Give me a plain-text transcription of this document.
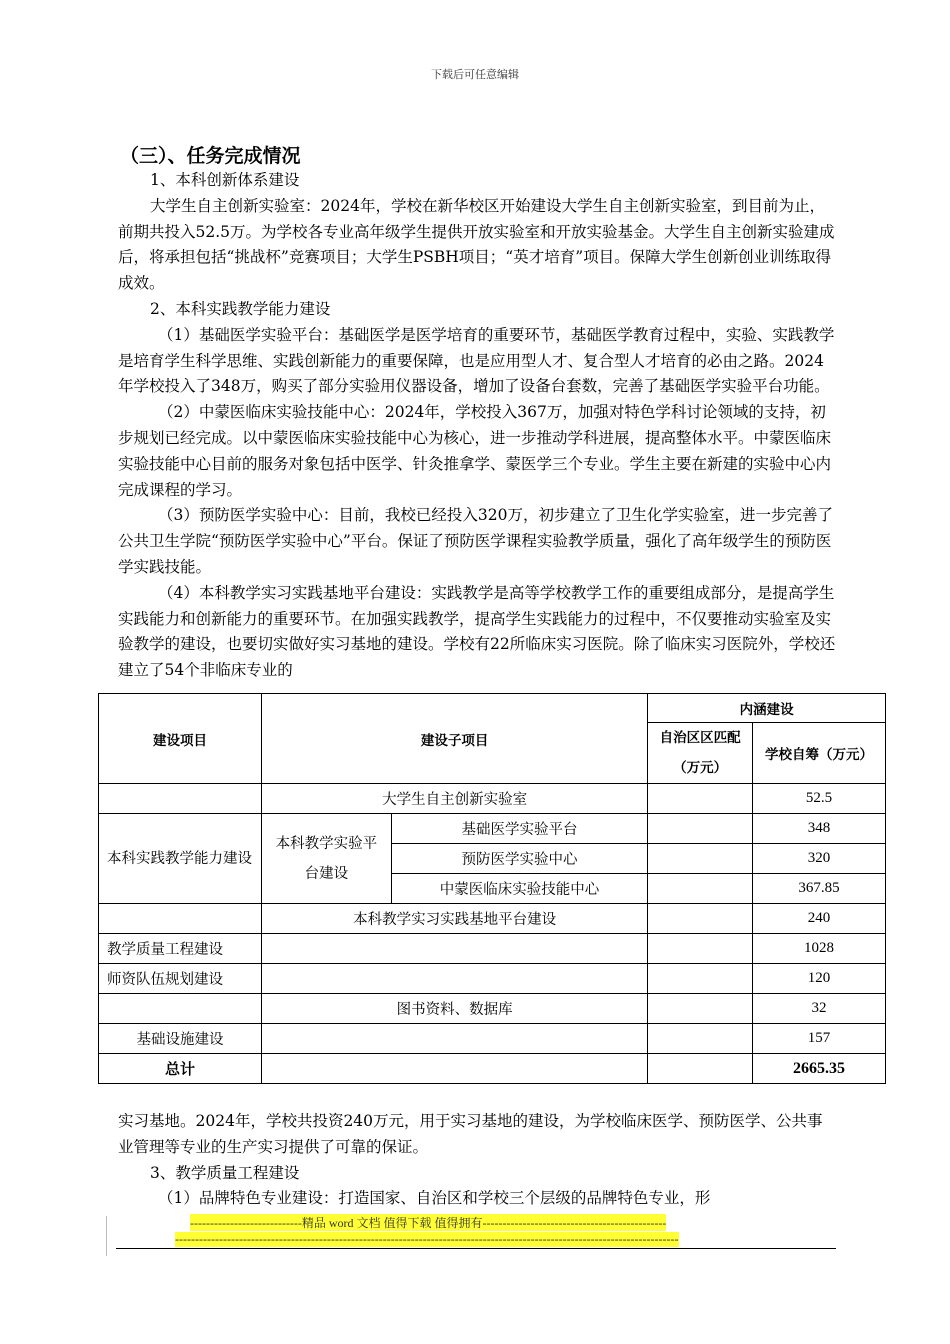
下载后可任意编辑
（三）、任务完成情况

1、本科创新体系建设

大学生自主创新实验室：2024年，学校在新华校区开始建设大学生自主创新实验室，到目前为止，前期共投入52.5万。为学校各专业高年级学生提供开放实验室和开放实验基金。大学生自主创新实验建成后，将承担包括“挑战杯”竞赛项目；大学生PSBH项目；“英才培育”项目。保障大学生创新创业训练取得成效。

2、本科实践教学能力建设

（1）基础医学实验平台：基础医学是医学培育的重要环节，基础医学教育过程中，实验、实践教学是培育学生科学思维、实践创新能力的重要保障，也是应用型人才、复合型人才培育的必由之路。2024年学校投入了348万，购买了部分实验用仪器设备，增加了设备台套数，完善了基础医学实验平台功能。

（2）中蒙医临床实验技能中心：2024年，学校投入367万，加强对特色学科讨论领域的支持，初步规划已经完成。以中蒙医临床实验技能中心为核心，进一步推动学科进展，提高整体水平。中蒙医临床实验技能中心目前的服务对象包括中医学、针灸推拿学、蒙医学三个专业。学生主要在新建的实验中心内完成课程的学习。

（3）预防医学实验中心：目前，我校已经投入320万，初步建立了卫生化学实验室，进一步完善了公共卫生学院“预防医学实验中心”平台。保证了预防医学课程实验教学质量，强化了高年级学生的预防医学实践技能。

（4）本科教学实习实践基地平台建设：实践教学是高等学校教学工作的重要组成部分，是提高学生实践能力和创新能力的重要环节。在加强实践教学，提高学生实践能力的过程中，不仅要推动实验室及实验教学的建设，也要切实做好实习基地的建设。学校有22所临床实习医院。除了临床实习医院外，学校还建立了54个非临床专业的

建设项目	建设子项目		内涵建设	
			自治区区匹配（万元）	学校自筹（万元）

	大学生自主创新实验室			52.5
本科实践教学能力建设	本科教学实验平台建设	基础医学实验平台		348
		预防医学实验中心		320
		中蒙医临床实验技能中心		367.85
	本科教学实习实践基地平台建设			240
教学质量工程建设				1028
师资队伍规划建设				120
	图书资料、数据库			32
基础设施建设				157
总计				2665.35

实习基地。2024年，学校共投资240万元，用于实习基地的建设，为学校临床医学、预防医学、公共事业管理等专业的生产实习提供了可靠的保证。

3、教学质量工程建设

（1）品牌特色专业建设：打造国家、自治区和学校三个层级的品牌特色专业，形

----------------------------精品 word 文档 值得下载 值得拥有----------------------------------------------
------------------------------------------------------------------------------------------------------------------------------
